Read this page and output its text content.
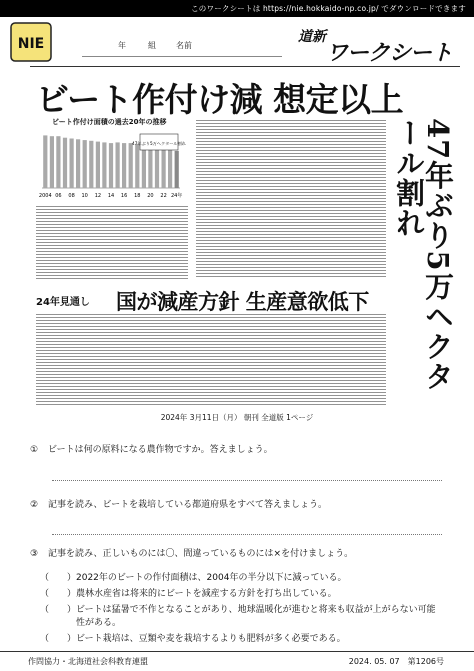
このワークシートは https://nie.hokkaido-np.co.jp/ でダウンロードできます
NIE	年	組	名前
道新
ワークシート
ビート作付け減 想定以上
ビート作付け面積の過去20年の推移
2004 06 08 10 12 14 16 18 20 22 24年
47年ぶり5万ヘクタール割れ	47年ぶり5万ヘクタール割れ
24年見通し 国が減産方針 生産意欲低下
2024年 3月11日（月） 朝刊 全道版 1ページ
① ビートは何の原料になる農作物ですか。答えましょう。
② 記事を読み、ビートを栽培している都道府県をすべて答えましょう。
③ 記事を読み、正しいものには〇、間違っているものには×を付けましょう。
（　　）2022年のビートの作付面積は、2004年の半分以下に減っている。
（　　）農林水産省は将来的にビートを減産する方針を打ち出している。
（　　） ビートは猛暑で不作となることがあり、地球温暖化が進むと将来も収益が上がらない可能性がある。
（　　）ビート栽培は、豆類や麦を栽培するよりも肥料が多く必要である。
作問協力・北海道社会科教育連盟	2024. 05. 07　第1206号
